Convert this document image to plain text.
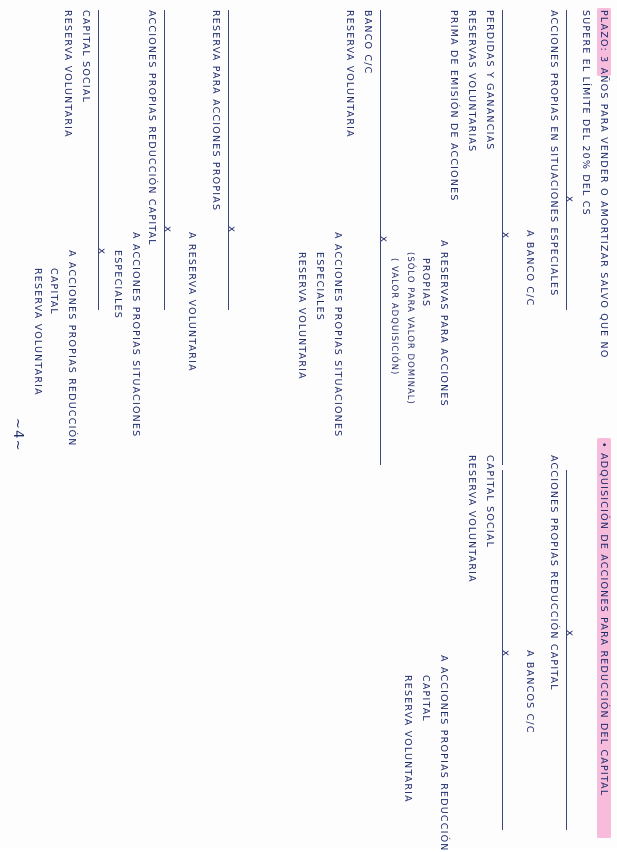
PLAZO: 3 AÑOS PARA VENDER O AMORTIZAR SALVO QUE NO
SUPERE EL LÍMITE DEL 20% DEL CS
x
ACCIONES PROPIAS EN SITUACIONES ESPECIALES
A BANCO C/C
x
PERDIDAS Y GANANCIAS
RESERVAS VOLUNTARIAS
PRIMA DE EMISIÓN DE ACCIONES
A RESERVAS PARA ACCIONES
PROPIAS
(SÓLO PARA VALOR DOMINAL)
( VALOR ADQUISICIÓN)
x
BANCO C/C
RESERVA VOLUNTARIA
A ACCIONES PROPIAS SITUACIONES
ESPECIALES
RESERVA VOLUNTARIA
x
RESERVA PARA ACCIONES PROPIAS
A RESERVA VOLUNTARIA
x
ACCIONES PROPIAS REDUCCIÓN CAPITAL
A ACCIONES PROPIAS SITUACIONES
ESPECIALES
x
CAPITAL SOCIAL
RESERVA VOLUNTARIA
A ACCIONES PROPIAS REDUCCIÓN
CAPITAL
RESERVA VOLUNTARIA
~4~
• ADQUISICIÓN DE ACCIONES PARA REDUCCIÓN DEL CAPITAL
x
ACCIONES PROPIAS REDUCCIÓN CAPITAL
A BANCOS C/C
x
CAPITAL SOCIAL
RESERVA VOLUNTARIA
A ACCIONES PROPIAS REDUCCIÓN
CAPITAL
RESERVA VOLUNTARIA
